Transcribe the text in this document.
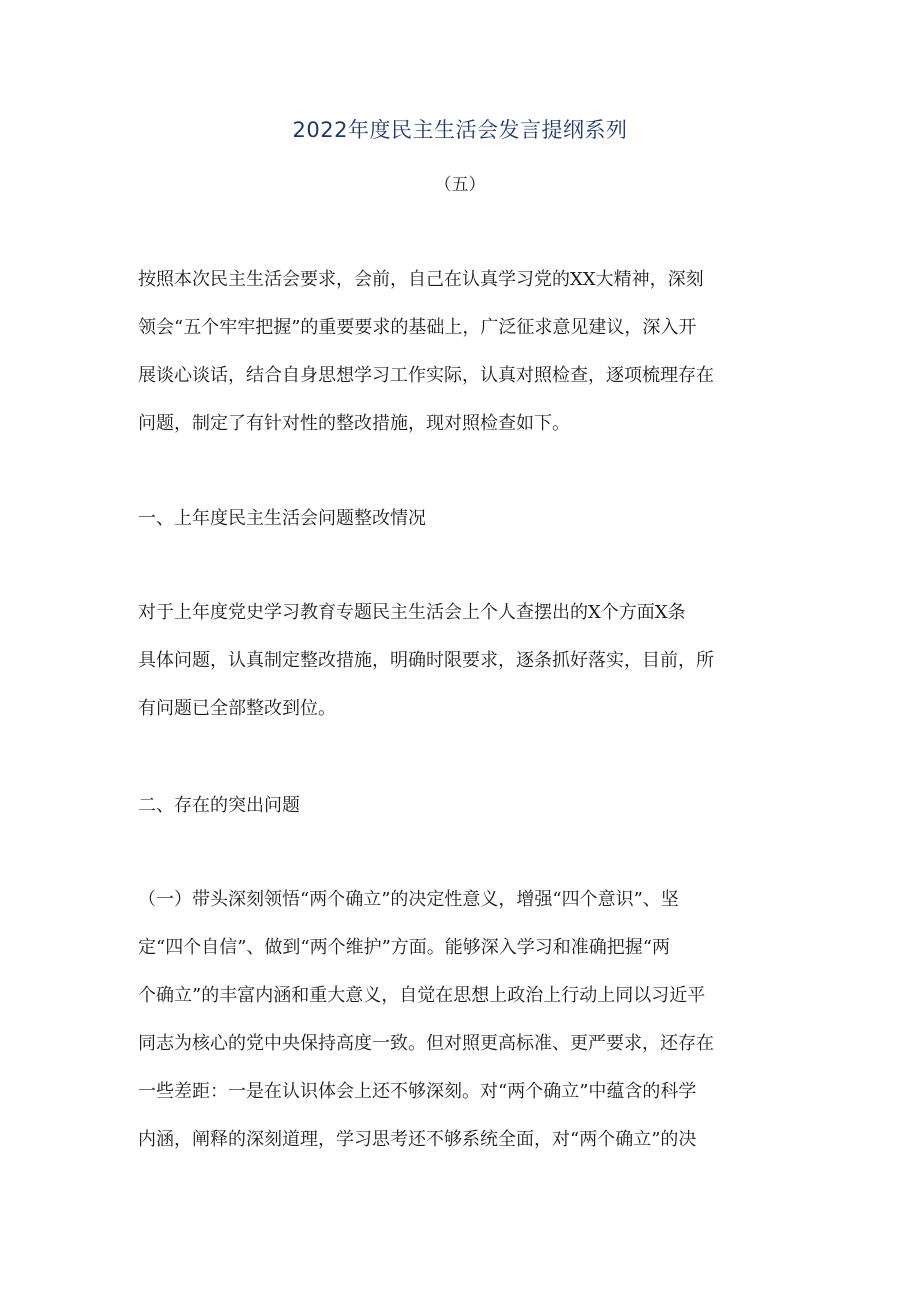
2022年度民主生活会发言提纲系列
（五）
按照本次民主生活会要求，会前，自己在认真学习党的XX大精神，深刻
领会“五个牢牢把握”的重要要求的基础上，广泛征求意见建议，深入开
展谈心谈话，结合自身思想学习工作实际，认真对照检查，逐项梳理存在
问题，制定了有针对性的整改措施，现对照检查如下。
一、上年度民主生活会问题整改情况
对于上年度党史学习教育专题民主生活会上个人查摆出的X个方面X条
具体问题，认真制定整改措施，明确时限要求，逐条抓好落实，目前，所
有问题已全部整改到位。
二、存在的突出问题
（一）带头深刻领悟“两个确立”的决定性意义，增强“四个意识”、坚
定“四个自信”、做到“两个维护”方面。能够深入学习和准确把握“两
个确立”的丰富内涵和重大意义，自觉在思想上政治上行动上同以习近平
同志为核心的党中央保持高度一致。但对照更高标准、更严要求，还存在
一些差距：一是在认识体会上还不够深刻。对“两个确立”中蕴含的科学
内涵，阐释的深刻道理，学习思考还不够系统全面，对“两个确立”的决
